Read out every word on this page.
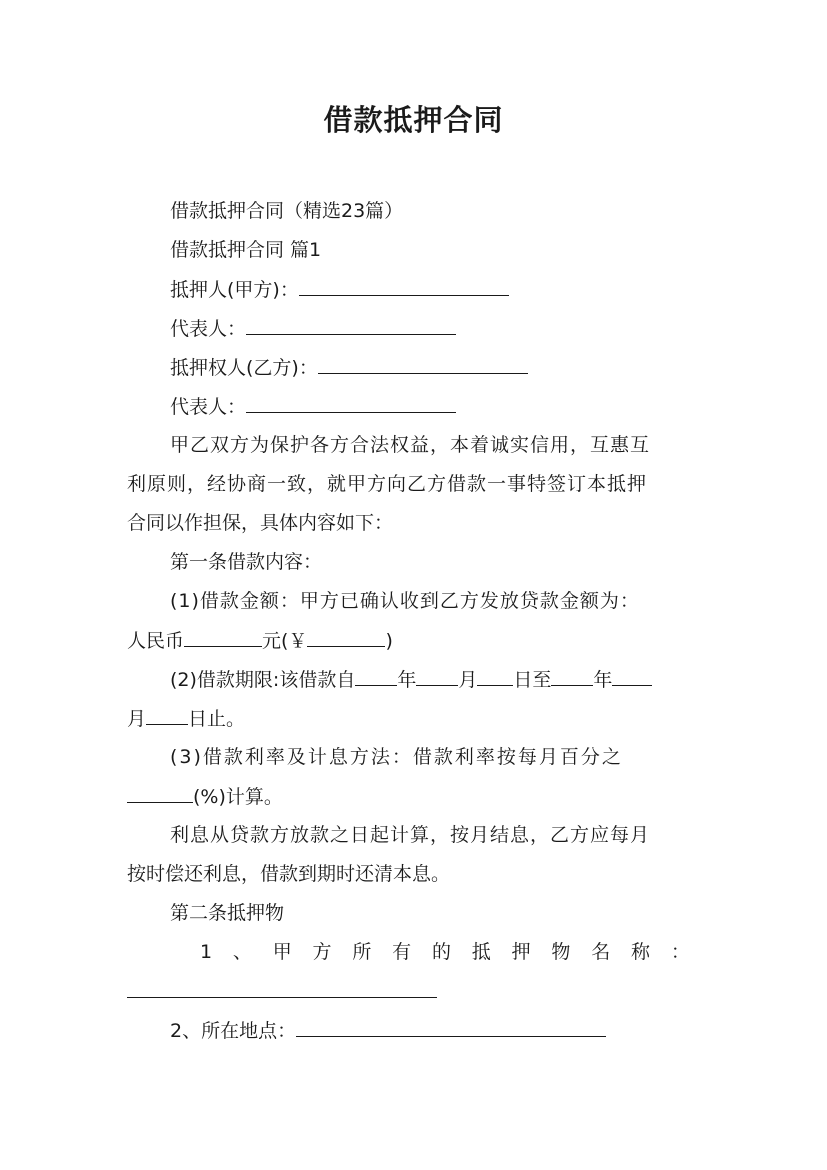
借款抵押合同
借款抵押合同（精选23篇）
借款抵押合同 篇1
抵押人(甲方)：
代表人：
抵押权人(乙方)：
代表人：
甲乙双方为保护各方合法权益，本着诚实信用，互惠互
利原则，经协商一致，就甲方向乙方借款一事特签订本抵押
合同以作担保，具体内容如下：
第一条借款内容：
(1)借款金额：甲方已确认收到乙方发放贷款金额为：
人民币	元(￥	)
(2)借款期限:该借款自 年 月 日至 年
月 日止。
(3)借款利率及计息方法：借款利率按每月百分之
(%)计算。
利息从贷款方放款之日起计算，按月结息，乙方应每月
按时偿还利息，借款到期时还清本息。
第二条抵押物
1 、 甲 方 所 有 的 抵 押 物 名 称 ：
2、所在地点：
